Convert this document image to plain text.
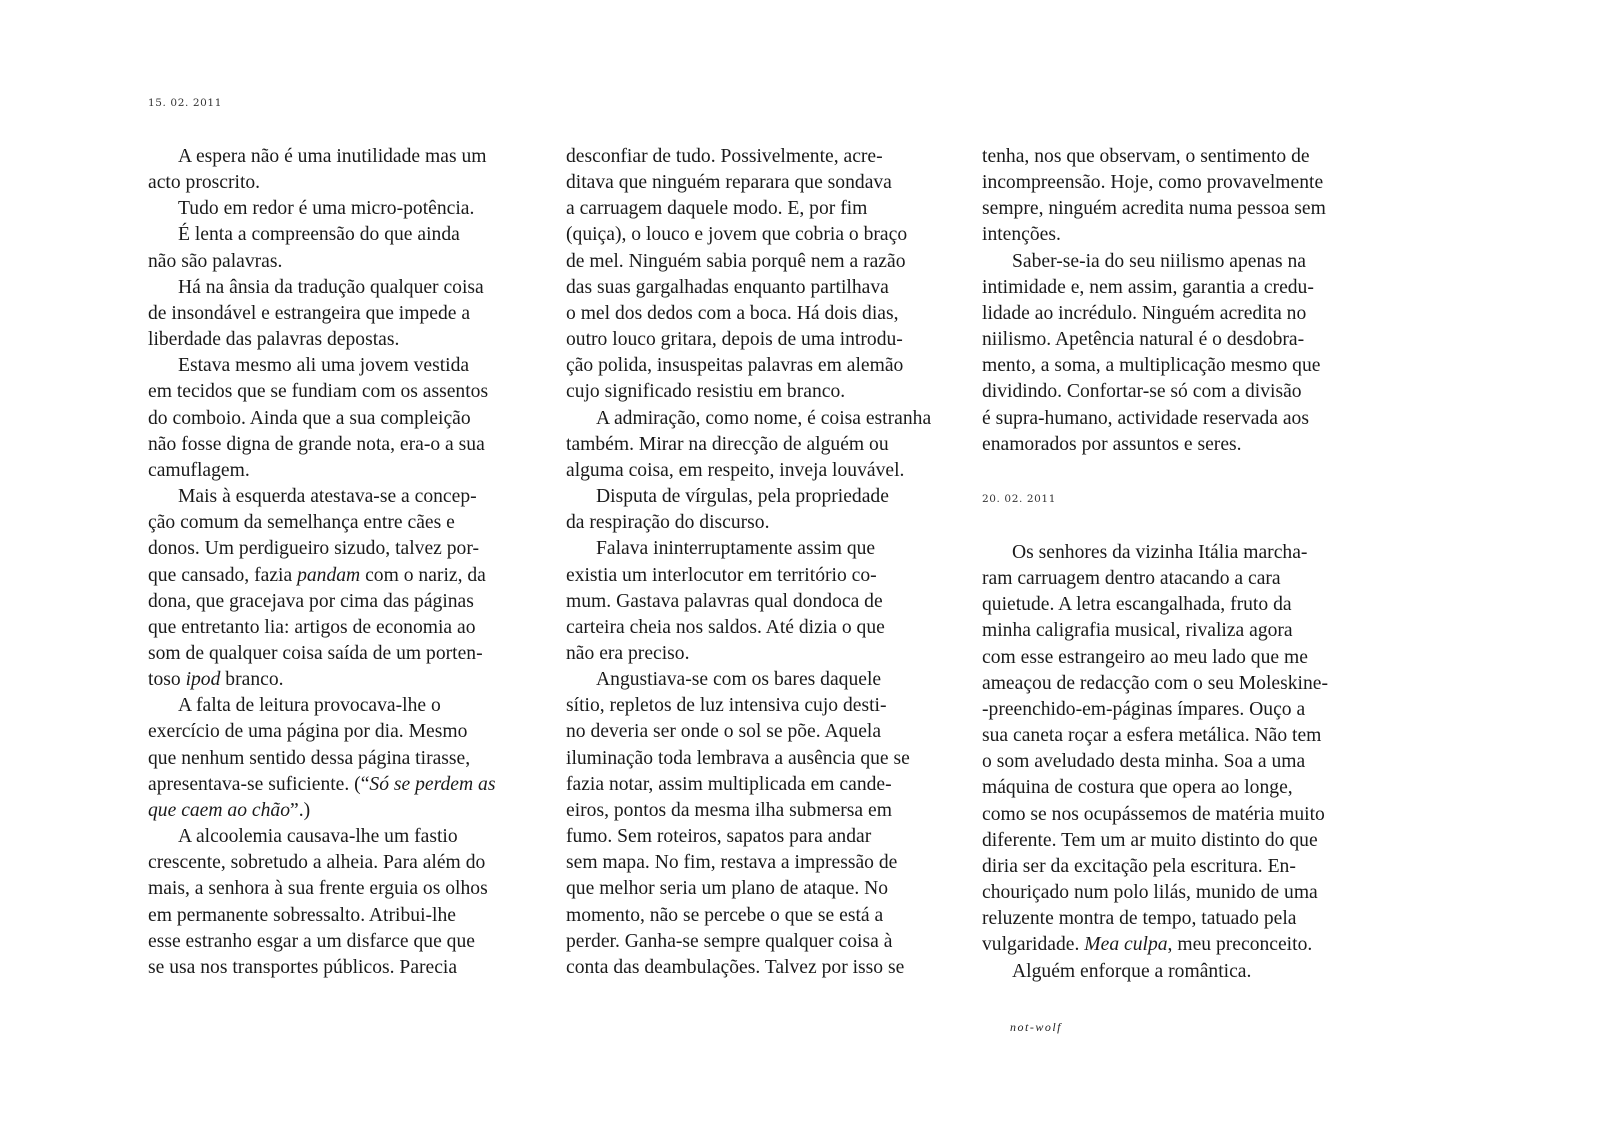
15. 02. 2011
A espera não é uma inutilidade mas um
acto proscrito.
Tudo em redor é uma micro-potência.
É lenta a compreensão do que ainda
não são palavras.
Há na ânsia da tradução qualquer coisa
de insondável e estrangeira que impede a
liberdade das palavras depostas.
Estava mesmo ali uma jovem vestida
em tecidos que se fundiam com os assentos
do comboio. Ainda que a sua compleição
não fosse digna de grande nota, era-o a sua
camuflagem.
Mais à esquerda atestava-se a concep-
ção comum da semelhança entre cães e
donos. Um perdigueiro sizudo, talvez por-
que cansado, fazia pandam com o nariz, da
dona, que gracejava por cima das páginas
que entretanto lia: artigos de economia ao
som de qualquer coisa saída de um porten-
toso ipod branco.
A falta de leitura provocava-lhe o
exercício de uma página por dia. Mesmo
que nenhum sentido dessa página tirasse,
apresentava-se suficiente. (“Só se perdem as
que caem ao chão”.)
A alcoolemia causava-lhe um fastio
crescente, sobretudo a alheia. Para além do
mais, a senhora à sua frente erguia os olhos
em permanente sobressalto. Atribui-lhe
esse estranho esgar a um disfarce que que
se usa nos transportes públicos. Parecia
desconfiar de tudo. Possivelmente, acre-
ditava que ninguém reparara que sondava
a carruagem daquele modo. E, por fim
(quiça), o louco e jovem que cobria o braço
de mel. Ninguém sabia porquê nem a razão
das suas gargalhadas enquanto partilhava
o mel dos dedos com a boca. Há dois dias,
outro louco gritara, depois de uma introdu-
ção polida, insuspeitas palavras em alemão
cujo significado resistiu em branco.
A admiração, como nome, é coisa estranha
também. Mirar na direcção de alguém ou
alguma coisa, em respeito, inveja louvável.
Disputa de vírgulas, pela propriedade
da respiração do discurso.
Falava ininterruptamente assim que
existia um interlocutor em território co-
mum. Gastava palavras qual dondoca de
carteira cheia nos saldos. Até dizia o que
não era preciso.
Angustiava-se com os bares daquele
sítio, repletos de luz intensiva cujo desti-
no deveria ser onde o sol se põe. Aquela
iluminação toda lembrava a ausência que se
fazia notar, assim multiplicada em cande-
eiros, pontos da mesma ilha submersa em
fumo. Sem roteiros, sapatos para andar
sem mapa. No fim, restava a impressão de
que melhor seria um plano de ataque. No
momento, não se percebe o que se está a
perder. Ganha-se sempre qualquer coisa à
conta das deambulações. Talvez por isso se
tenha, nos que observam, o sentimento de
incompreensão. Hoje, como provavelmente
sempre, ninguém acredita numa pessoa sem
intenções.
Saber-se-ia do seu niilismo apenas na
intimidade e, nem assim, garantia a credu-
lidade ao incrédulo. Ninguém acredita no
niilismo. Apetência natural é o desdobra-
mento, a soma, a multiplicação mesmo que
dividindo. Confortar-se só com a divisão
é supra-humano, actividade reservada aos
enamorados por assuntos e seres.
20. 02. 2011
Os senhores da vizinha Itália marcha-
ram carruagem dentro atacando a cara
quietude. A letra escangalhada, fruto da
minha caligrafia musical, rivaliza agora
com esse estrangeiro ao meu lado que me
ameaçou de redacção com o seu Moleskine-
-preenchido-em-páginas ímpares. Ouço a
sua caneta roçar a esfera metálica. Não tem
o som aveludado desta minha. Soa a uma
máquina de costura que opera ao longe,
como se nos ocupássemos de matéria muito
diferente. Tem um ar muito distinto do que
diria ser da excitação pela escritura. En-
chouriçado num polo lilás, munido de uma
reluzente montra de tempo, tatuado pela
vulgaridade. Mea culpa, meu preconceito.
Alguém enforque a romântica.
not-wolf
